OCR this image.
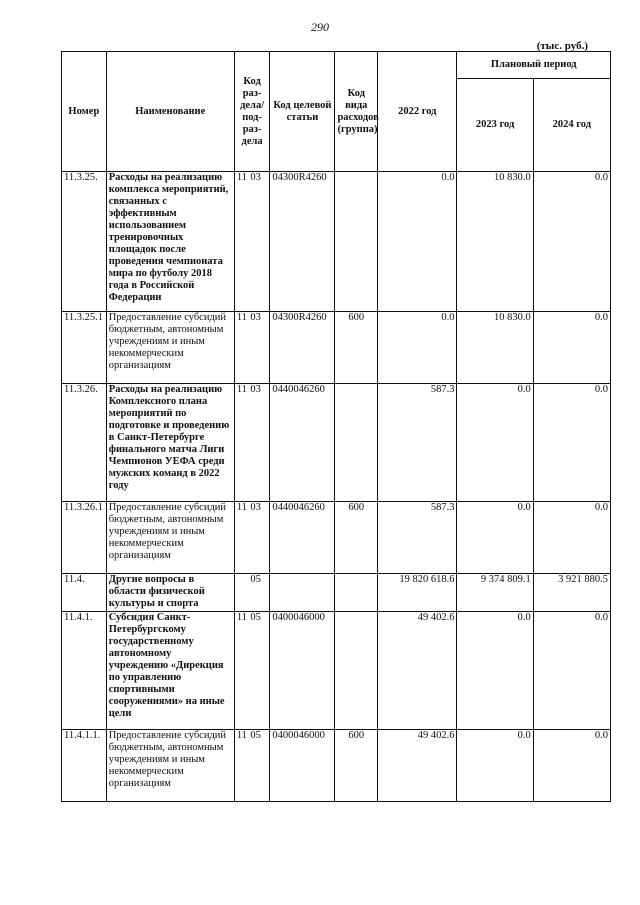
290
(тыс. руб.)
Номер	Наименование	Код раз- дела/ под- раз- дела	Код целевой статьи	Код вида расходов (группа)	2022 год	Плановый период	
						2023 год	2024 год
11.3.25.	Расходы на реализацию комплекса мероприятий, связанных с эффективным использованием тренировочных площадок после проведения чемпионата мира по футболу 2018 года в Российской Федерации	11 03	04300R4260		0.0	10 830.0	0.0
11.3.25.1	Предоставление субсидий бюджетным, автономным учреждениям и иным некоммерческим организациям	11 03	04300R4260	600	0.0	10 830.0	0.0
11.3.26.	Расходы на реализацию Комплексного плана мероприятий по подготовке и проведению в Санкт-Петербурге финального матча Лиги Чемпионов УЕФА среди мужских команд в 2022 году	11 03	0440046260		587.3	0.0	0.0
11.3.26.1	Предоставление субсидий бюджетным, автономным учреждениям и иным некоммерческим организациям	11 03	0440046260	600	587.3	0.0	0.0
11.4.	Другие вопросы в области физической культуры и спорта	05			19 820 618.6	9 374 809.1	3 921 880.5
11.4.1.	Субсидия Санкт-Петербургскому государственному автономному учреждению «Дирекция по управлению спортивными сооружениями» на иные цели	11 05	0400046000		49 402.6	0.0	0.0
11.4.1.1.	Предоставление субсидий бюджетным, автономным учреждениям и иным некоммерческим организациям	11 05	0400046000	600	49 402.6	0.0	0.0
